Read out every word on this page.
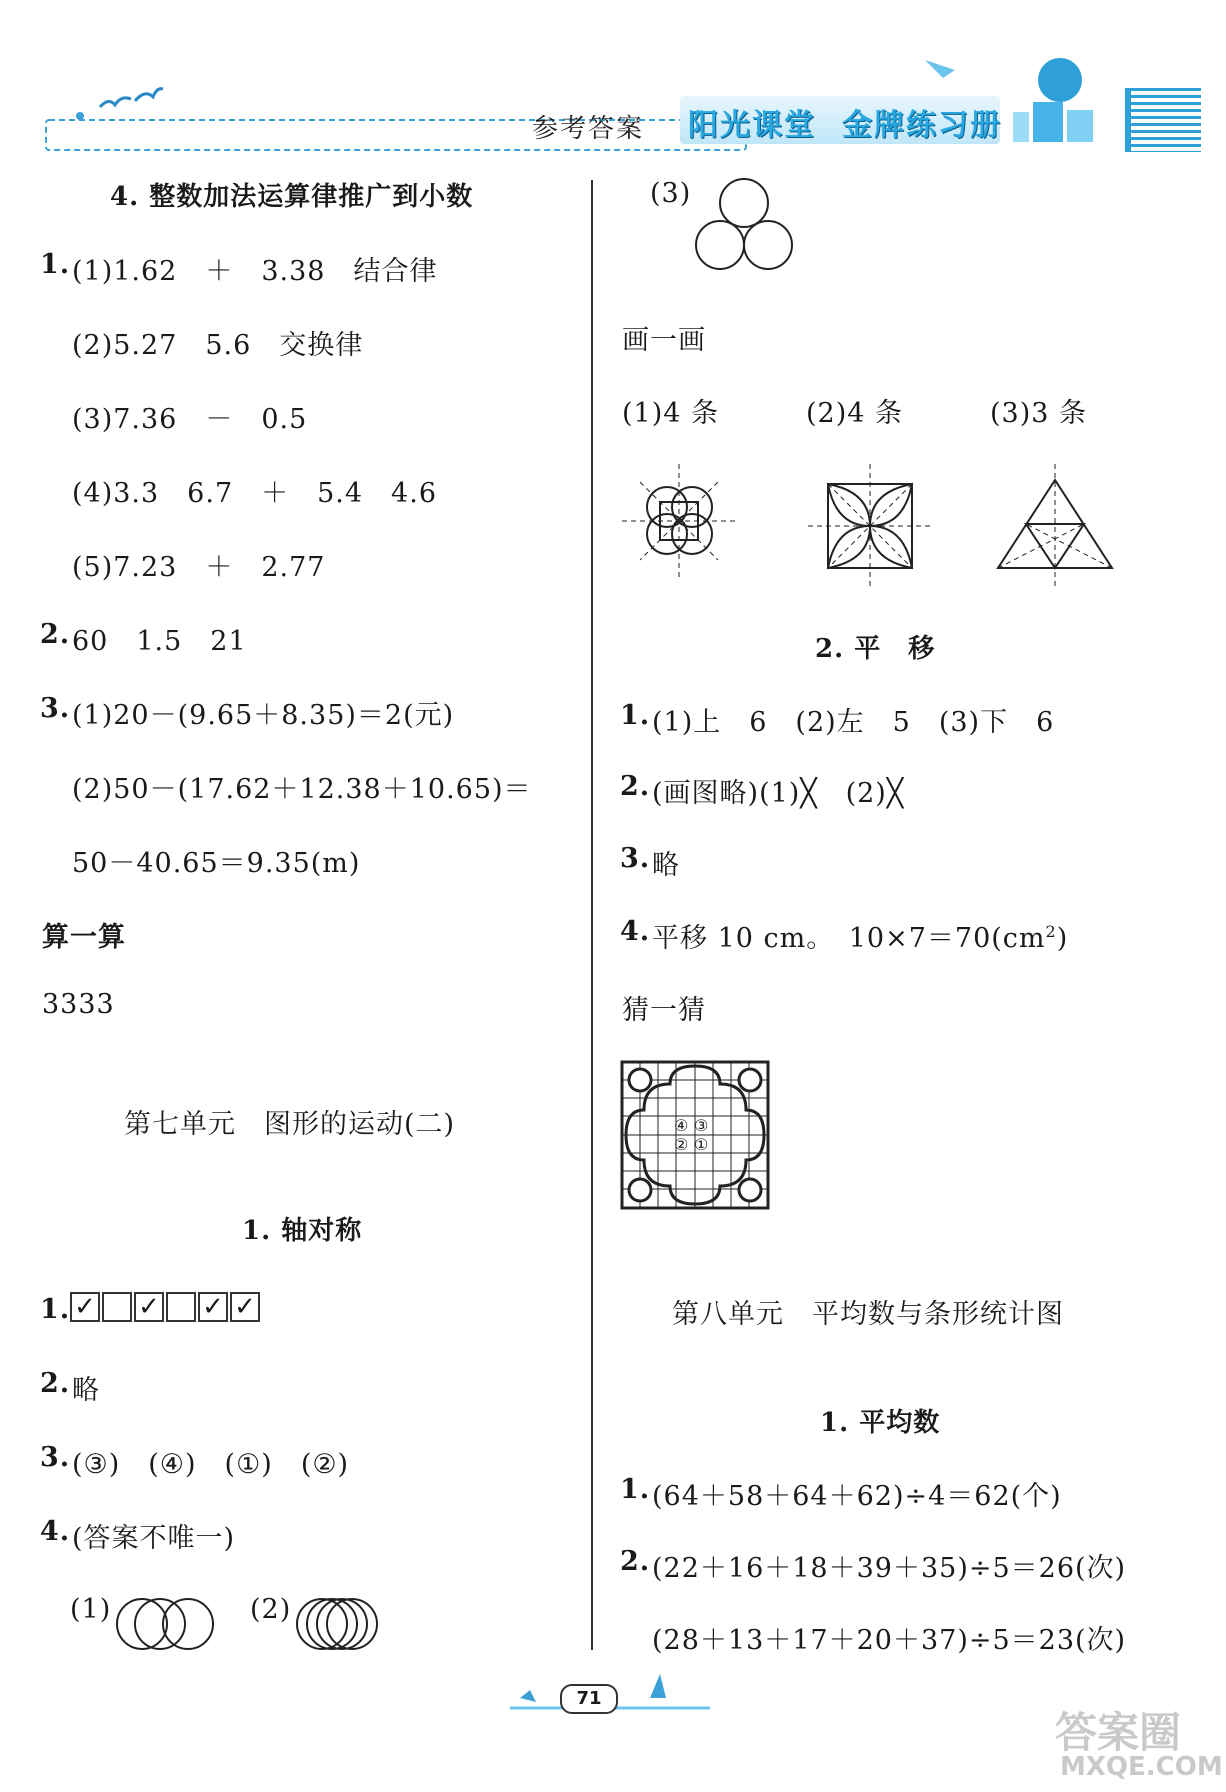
参考答案 阳光课堂 金牌练习册
4. 整数加法运算律推广到小数
1. (1)1.62　＋　3.38　结合律
(2)5.27　5.6　交换律
(3)7.36　－　0.5
(4)3.3　6.7　＋　5.4　4.6
(5)7.23　＋　2.77
2. 60　1.5　21
3. (1)20－(9.65＋8.35)＝2(元)
(2)50－(17.62＋12.38＋10.65)＝
50－40.65＝9.35(m)
算一算
3333
第七单元　图形的运动(二)
1. 轴对称
1. ✓ ✓ ✓ ✓
2. 略
3. (③)　(④)　(①)　(②)
4. (答案不唯一)
(1)	(2)
(3)
画一画
(1)4 条	(2)4 条	(3)3 条
2. 平　移
1. (1)上　6　(2)左　5　(3)下　6
2. (画图略)(1)╳　(2)╳
3. 略
4. 平移 10 cm。　$10\times 7=70(cm^2)$
猜一猜
④ ③
② ①
第八单元　平均数与条形统计图
1. 平均数
1. (64＋58＋64＋62)÷4＝62(个)
2. (22＋16＋18＋39＋35)÷5＝26(次)
(28＋13＋17＋20＋37)÷5＝23(次)
71
答案圈
MXQE.COM
